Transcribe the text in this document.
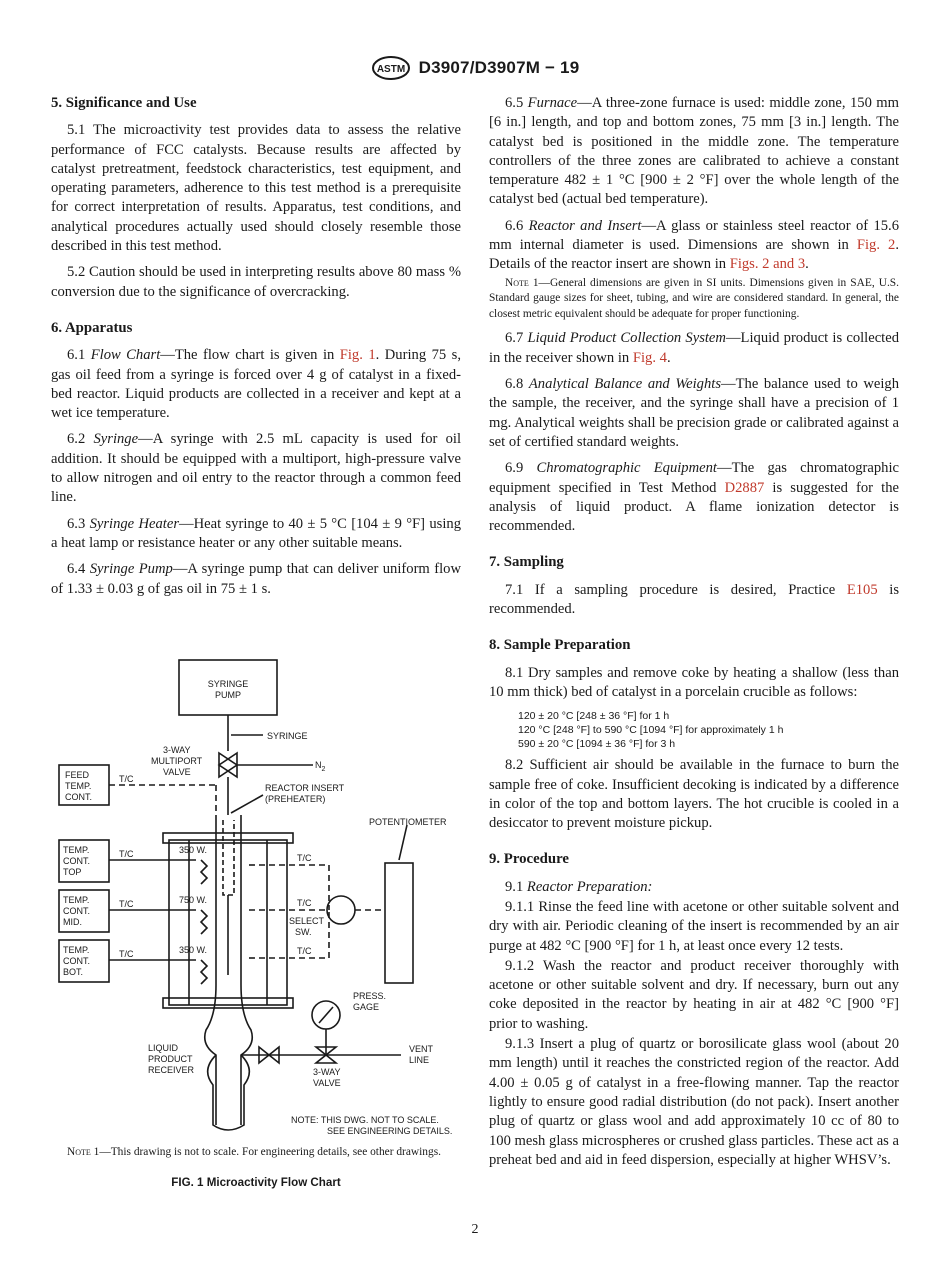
ASTM D3907/D3907M − 19
5. Significance and Use
5.1 The microactivity test provides data to assess the relative performance of FCC catalysts. Because results are affected by catalyst pretreatment, feedstock characteristics, test equipment, and operating parameters, adherence to this test method is a prerequisite for correct interpretation of results. Apparatus, test conditions, and analytical procedures actually used should closely resemble those described in this test method.
5.2 Caution should be used in interpreting results above 80 mass % conversion due to the significance of overcracking.
6. Apparatus
6.1 Flow Chart—The flow chart is given in Fig. 1. During 75 s, gas oil feed from a syringe is forced over 4 g of catalyst in a fixed-bed reactor. Liquid products are collected in a receiver and kept at a wet ice temperature.
6.2 Syringe—A syringe with 2.5 mL capacity is used for oil addition. It should be equipped with a multiport, high-pressure valve to allow nitrogen and oil entry to the reactor through a common feed line.
6.3 Syringe Heater—Heat syringe to 40 ± 5 °C [104 ± 9 °F] using a heat lamp or resistance heater or any other suitable means.
6.4 Syringe Pump—A syringe pump that can deliver uniform flow of 1.33 ± 0.03 g of gas oil in 75 ± 1 s.
SYRINGE
PUMP
SYRINGE
3-WAY
MULTIPORT
VALVE
$N_2$
FEED
TEMP.
CONT.
T/C
REACTOR INSERT
(PREHEATER)
POTENTIOMETER
TEMP.
CONT.
TOP
TEMP.
CONT.
MID.
TEMP.
CONT.
BOT.
T/C
T/C
T/C
350 W.
750 W.
350 W.
T/C
T/C
T/C
SELECT
SW.
PRESS.
GAGE
LIQUID
PRODUCT
RECEIVER
VENT
LINE
3-WAY
VALVE
NOTE: THIS DWG. NOT TO SCALE.
SEE ENGINEERING DETAILS.
Note 1—This drawing is not to scale. For engineering details, see other drawings.
FIG. 1 Microactivity Flow Chart
6.5 Furnace—A three-zone furnace is used: middle zone, 150 mm [6 in.] length, and top and bottom zones, 75 mm [3 in.] length. The catalyst bed is positioned in the middle zone. The temperature controllers of the three zones are calibrated to achieve a constant temperature 482 ± 1 °C [900 ± 2 °F] over the whole length of the catalyst bed (actual bed temperature).
6.6 Reactor and Insert—A glass or stainless steel reactor of 15.6 mm internal diameter is used. Dimensions are shown in Fig. 2. Details of the reactor insert are shown in Figs. 2 and 3.
Note 1—General dimensions are given in SI units. Dimensions given in SAE, U.S. Standard gauge sizes for sheet, tubing, and wire are considered standard. In general, the closest metric equivalent should be adequate for proper functioning.
6.7 Liquid Product Collection System—Liquid product is collected in the receiver shown in Fig. 4.
6.8 Analytical Balance and Weights—The balance used to weigh the sample, the receiver, and the syringe shall have a precision of 1 mg. Analytical weights shall be precision grade or calibrated against a set of certified standard weights.
6.9 Chromatographic Equipment—The gas chromatographic equipment specified in Test Method D2887 is suggested for the analysis of liquid product. A flame ionization detector is recommended.
7. Sampling
7.1 If a sampling procedure is desired, Practice E105 is recommended.
8. Sample Preparation
8.1 Dry samples and remove coke by heating a shallow (less than 10 mm thick) bed of catalyst in a porcelain crucible as follows:
120 ± 20 °C [248 ± 36 °F] for 1 h
120 °C [248 °F] to 590 °C [1094 °F] for approximately 1 h
590 ± 20 °C [1094 ± 36 °F] for 3 h
8.2 Sufficient air should be available in the furnace to burn the sample free of coke. Insufficient decoking is indicated by a difference in color of the top and bottom layers. The hot crucible is cooled in a desiccator to prevent moisture pickup.
9. Procedure
9.1 Reactor Preparation:
9.1.1 Rinse the feed line with acetone or other suitable solvent and dry with air. Periodic cleaning of the insert is recommended by an air purge at 482 °C [900 °F] for 1 h, at least once every 12 tests.
9.1.2 Wash the reactor and product receiver thoroughly with acetone or other suitable solvent and dry. If necessary, burn out any coke deposited in the reactor by heating in air at 482 °C [900 °F] prior to washing.
9.1.3 Insert a plug of quartz or borosilicate glass wool (about 20 mm length) until it reaches the constricted region of the reactor. Add 4.00 ± 0.05 g of catalyst in a free-flowing manner. Tap the reactor lightly to ensure good radial distribution (do not pack). Insert another plug of quartz or glass wool and add approximately 10 cc of 80 to 100 mesh glass microspheres or crushed glass particles. These act as a preheat bed and aid in feed dispersion, especially at higher WHSV’s.
2
